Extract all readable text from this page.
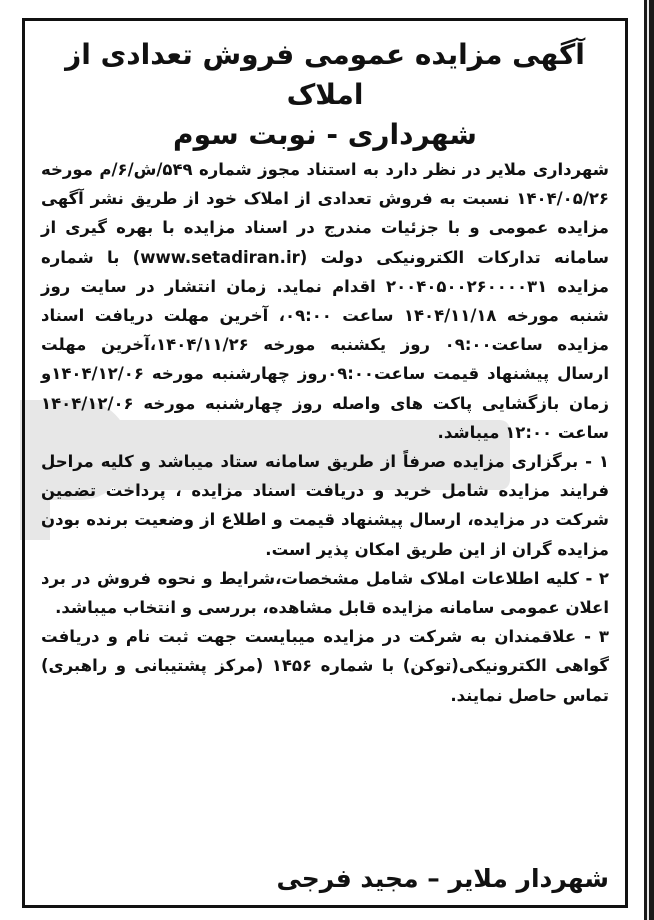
آگهی مزایده عمومی فروش تعدادی از املاک
شهرداری - نوبت سوم

شهرداری ملایر در نظر دارد به استناد مجوز شماره ۵۴۹/ش/۶/م مورخه ۱۴۰۴/۰۵/۲۶ نسبت به فروش تعدادی از املاک خود از طریق نشر آگهی مزایده عمومی و با جزئیات مندرج در اسناد مزایده با بهره گیری از سامانه تدارکات الکترونیکی دولت (www.setadiran.ir) با شماره مزایده ۲۰۰۴۰۵۰۰۲۶۰۰۰۰۳۱ اقدام نماید. زمان انتشار در سایت روز شنبه مورخه ۱۴۰۴/۱۱/۱۸ ساعت ۰۹:۰۰، آخرین مهلت دریافت اسناد مزایده ساعت۰۹:۰۰ روز یکشنبه مورخه ۱۴۰۴/۱۱/۲۶،آخرین مهلت ارسال پیشنهاد قیمت ساعت۰۹:۰۰روز چهارشنبه مورخه ۱۴۰۴/۱۲/۰۶و زمان بازگشایی پاکت های واصله روز چهارشنبه مورخه ۱۴۰۴/۱۲/۰۶ ساعت ۱۲:۰۰ میباشد.

۱ - برگزاری مزایده صرفاً از طریق سامانه ستاد میباشد و کلیه مراحل فرایند مزایده شامل خرید و دریافت اسناد مزایده ، پرداخت تضمین شرکت در مزایده، ارسال پیشنهاد قیمت و اطلاع از وضعیت برنده بودن مزایده گران از این طریق امکان پذیر است.

۲ - کلیه اطلاعات املاک شامل مشخصات،شرایط و نحوه فروش در برد اعلان عمومی سامانه مزایده قابل مشاهده، بررسی و انتخاب میباشد.

۳ - علاقمندان به شرکت در مزایده میبایست جهت ثبت نام و دریافت گواهی الکترونیکی(توکن) با شماره ۱۴۵۶ (مرکز پشتیبانی و راهبری) تماس حاصل نمایند.

شهردار ملایر – مجید فرجی
